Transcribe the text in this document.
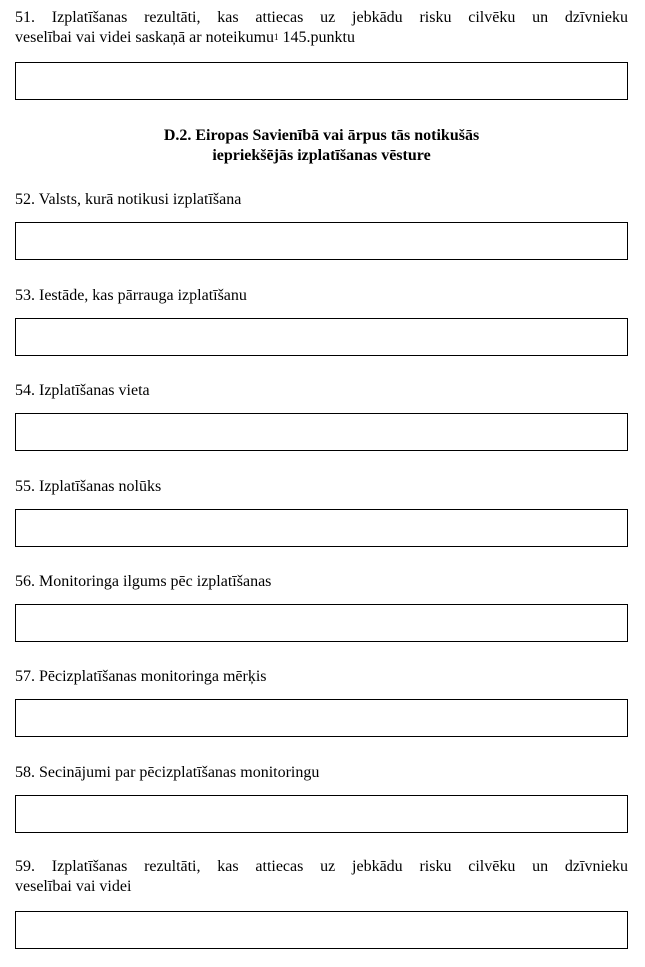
51. Izplatīšanas rezultāti, kas attiecas uz jebkādu risku cilvēku un dzīvnieku
veselībai vai videi saskaņā ar noteikumu$^1$ 145.punktu

D.2. Eiropas Savienībā vai ārpus tās notikušās
iepriekšējās izplatīšanas vēsture

52. Valsts, kurā notikusi izplatīšana

53. Iestāde, kas pārrauga izplatīšanu

54. Izplatīšanas vieta

55. Izplatīšanas nolūks

56. Monitoringa ilgums pēc izplatīšanas

57. Pēcizplatīšanas monitoringa mērķis

58. Secinājumi par pēcizplatīšanas monitoringu

59. Izplatīšanas rezultāti, kas attiecas uz jebkādu risku cilvēku un dzīvnieku
veselībai vai videi
